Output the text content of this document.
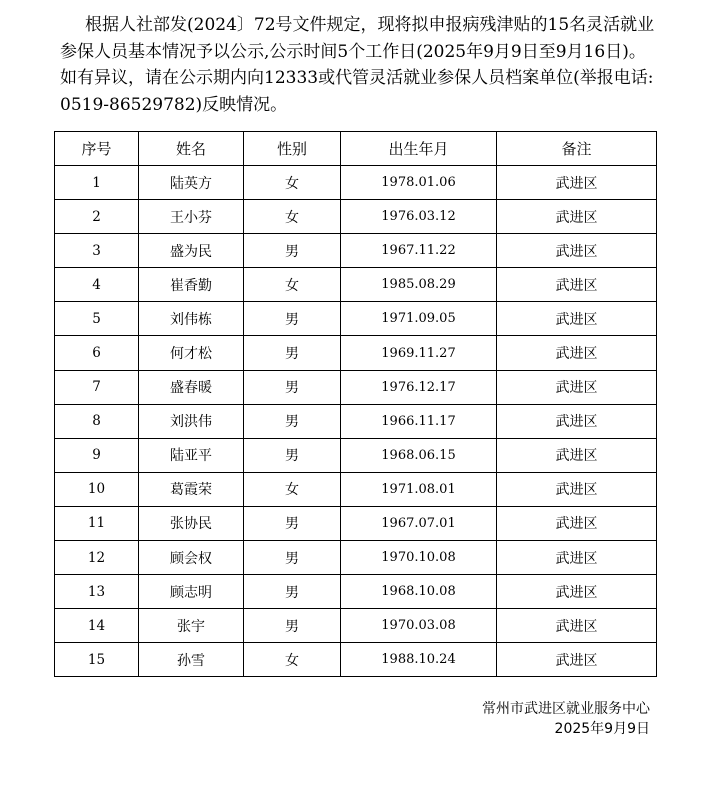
根据人社部发(2024〕72号文件规定，现将拟申报病残津贴的15名灵活就业参保人员基本情况予以公示,公示时间5个工作日(2025年9月9日至9月16日)。如有异议，请在公示期内向12333或代管灵活就业参保人员档案单位(举报电话:0519-86529782)反映情况。

序号	姓名	性别	出生年月	备注
1	陆英方	女	1978.01.06	武进区
2	王小芬	女	1976.03.12	武进区
3	盛为民	男	1967.11.22	武进区
4	崔香勤	女	1985.08.29	武进区
5	刘伟栋	男	1971.09.05	武进区
6	何才松	男	1969.11.27	武进区
7	盛春暖	男	1976.12.17	武进区
8	刘洪伟	男	1966.11.17	武进区
9	陆亚平	男	1968.06.15	武进区
10	葛霞荣	女	1971.08.01	武进区
11	张协民	男	1967.07.01	武进区
12	顾会权	男	1970.10.08	武进区
13	顾志明	男	1968.10.08	武进区
14	张宇	男	1970.03.08	武进区
15	孙雪	女	1988.10.24	武进区
常州市武进区就业服务中心
2025年9月9日
